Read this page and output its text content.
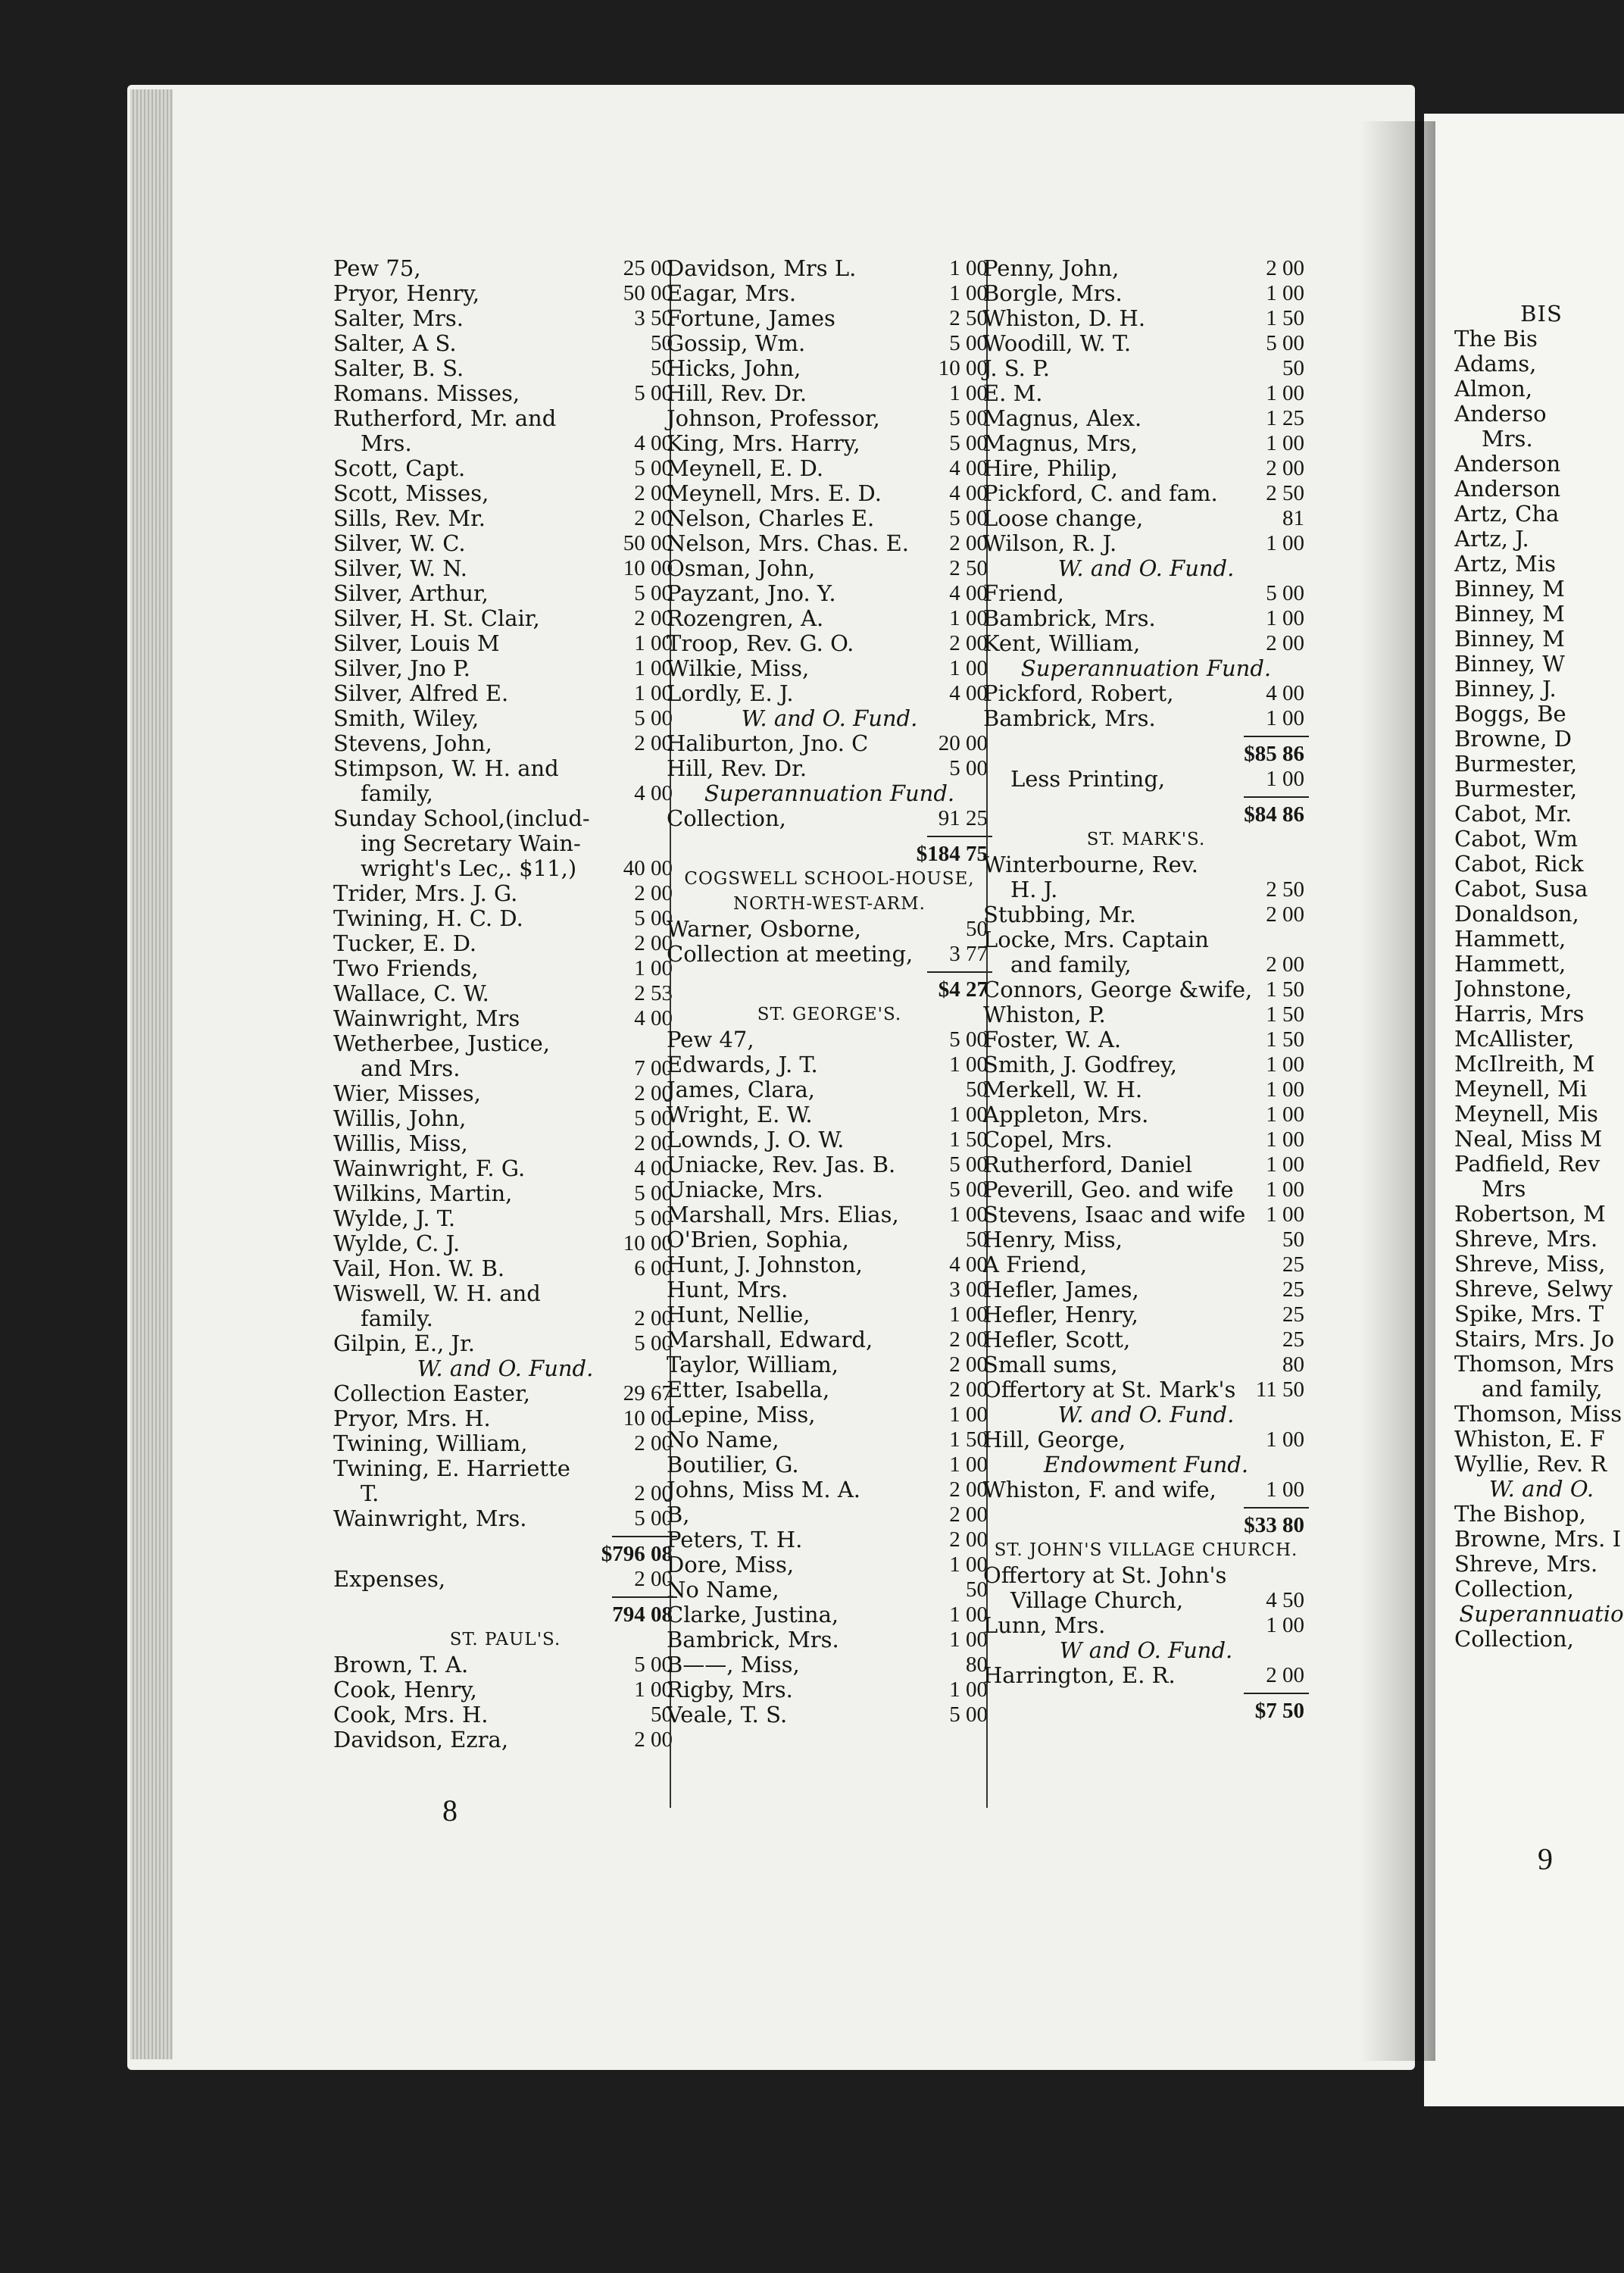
Pew 75,	25 00
Pryor, Henry,	50 00
Salter, Mrs.	3 50
Salter, A S.	50
Salter, B. S.	50
Romans. Misses,	5 00
Rutherford, Mr. and
Mrs.	4 00
Scott, Capt.	5 00
Scott, Misses,	2 00
Sills, Rev. Mr.	2 00
Silver, W. C.	50 00
Silver, W. N.	10 00
Silver, Arthur,	5 00
Silver, H. St. Clair,	2 00
Silver, Louis M	1 00
Silver, Jno P.	1 00
Silver, Alfred E.	1 00
Smith, Wiley,	5 00
Stevens, John,	2 00
Stimpson, W. H. and
family,	4 00
Sunday School,(includ-
ing Secretary Wain-
wright's Lec,. $11,) 40 00
Trider, Mrs. J. G.	2 00
Twining, H. C. D.	5 00
Tucker, E. D.	2 00
Two Friends,	1 00
Wallace, C. W.	2 53
Wainwright, Mrs	4 00
Wetherbee, Justice,
and Mrs.	7 00
Wier, Misses,	2 00
Willis, John,	5 00
Willis, Miss,	2 00
Wainwright, F. G.	4 00
Wilkins, Martin,	5 00
Wylde, J. T.	5 00
Wylde, C. J.	10 00
Vail, Hon. W. B.	6 00
Wiswell, W. H. and
family.	2 00
Gilpin, E., Jr.	5 00
W. and O. Fund.
Collection Easter,	29 67
Pryor, Mrs. H.	10 00
Twining, William,	2 00
Twining, E. Harriette
T.	2 00
Wainwright, Mrs.	5 00
$796 08
Expenses,	2 00
794 08
ST. PAUL'S.
Brown, T. A.	5 00
Cook, Henry,	1 00
Cook, Mrs. H.	50
Davidson, Ezra,	2 00
Davidson, Mrs L.	1 00
Eagar, Mrs.	1 00
Fortune, James	2 50
Gossip, Wm.	5 00
Hicks, John,	10 00
Hill, Rev. Dr.	1 00
Johnson, Professor,	5 00
King, Mrs. Harry,	5 00
Meynell, E. D.	4 00
Meynell, Mrs. E. D.	4 00
Nelson, Charles E.	5 00
Nelson, Mrs. Chas. E. 2 00
Osman, John,	2 50
Payzant, Jno. Y.	4 00
Rozengren, A.	1 00
Troop, Rev. G. O.	2 00
Wilkie, Miss,	1 00
Lordly, E. J.	4 00
W. and O. Fund.
Haliburton, Jno. C	20 00
Hill, Rev. Dr.	5 00
Superannuation Fund.
Collection,	91 25
$184 75
COGSWELL SCHOOL-HOUSE,
NORTH-WEST-ARM.
Warner, Osborne,	50
Collection at meeting, 3 77
$4 27
ST. GEORGE'S.
Pew 47,	5 00
Edwards, J. T.	1 00
James, Clara,	50
Wright, E. W.	1 00
Lownds, J. O. W.	1 50
Uniacke, Rev. Jas. B. 5 00
Uniacke, Mrs.	5 00
Marshall, Mrs. Elias, 1 00
O'Brien, Sophia,	50
Hunt, J. Johnston,	4 00
Hunt, Mrs.	3 00
Hunt, Nellie,	1 00
Marshall, Edward,	2 00
Taylor, William,	2 00
Etter, Isabella,	2 00
Lepine, Miss,	1 00
No Name,	1 50
Boutilier, G.	1 00
Johns, Miss M. A.	2 00
B,	2 00
Peters, T. H.	2 00
Dore, Miss,	1 00
No Name,	50
Clarke, Justina,	1 00
Bambrick, Mrs.	1 00
B——, Miss,	80
Rigby, Mrs.	1 00
Veale, T. S.	5 00
Penny, John,	2 00
Borgle, Mrs.	1 00
Whiston, D. H.	1 50
Woodill, W. T.	5 00
J. S. P.	50
E. M.	1 00
Magnus, Alex.	1 25
Magnus, Mrs,	1 00
Hire, Philip,	2 00
Pickford, C. and fam. 2 50
Loose change,	81
Wilson, R. J.	1 00
W. and O. Fund.
Friend,	5 00
Bambrick, Mrs.	1 00
Kent, William,	2 00
Superannuation Fund.
Pickford, Robert,	4 00
Bambrick, Mrs.	1 00
$85 86
Less Printing,	1 00
$84 86
ST. MARK'S.
Winterbourne, Rev.
H. J.	2 50
Stubbing, Mr.	2 00
Locke, Mrs. Captain
and family,	2 00
Connors, George &wife, 1 50
Whiston, P.	1 50
Foster, W. A.	1 50
Smith, J. Godfrey,	1 00
Merkell, W. H.	1 00
Appleton, Mrs.	1 00
Copel, Mrs.	1 00
Rutherford, Daniel	1 00
Peverill, Geo. and wife 1 00
Stevens, Isaac and wife 1 00
Henry, Miss,	50
A Friend,	25
Hefler, James,	25
Hefler, Henry,	25
Hefler, Scott,	25
Small sums,	80
Offertory at St. Mark's 11 50
W. and O. Fund.
Hill, George,	1 00
Endowment Fund.
Whiston, F. and wife, 1 00
$33 80
ST. JOHN'S VILLAGE CHURCH.
Offertory at St. John's
Village Church,	4 50
Lunn, Mrs.	1 00
W and O. Fund.
Harrington, E. R.	2 00
$7 50
BIS
The Bis
Adams,
Almon,
Anderso
Mrs.
Anderson
Anderson
Artz, Cha
Artz, J.
Artz, Mis
Binney, M
Binney, M
Binney, M
Binney, W
Binney, J.
Boggs, Be
Browne, D
Burmester,
Burmester,
Cabot, Mr.
Cabot, Wm
Cabot, Rick
Cabot, Susa
Donaldson,
Hammett,
Hammett,
Johnstone,
Harris, Mrs
McAllister,
McIlreith, M
Meynell, Mi
Meynell, Mis
Neal, Miss M
Padfield, Rev
Mrs
Robertson, M
Shreve, Mrs.
Shreve, Miss,
Shreve, Selwy
Spike, Mrs. T
Stairs, Mrs. Jo
Thomson, Mrs
and family,
Thomson, Miss
Whiston, E. F
Wyllie, Rev. R
W. and O.
The Bishop,
Browne, Mrs. I
Shreve, Mrs.
Collection,
Superannuatio
Collection,
8
9
